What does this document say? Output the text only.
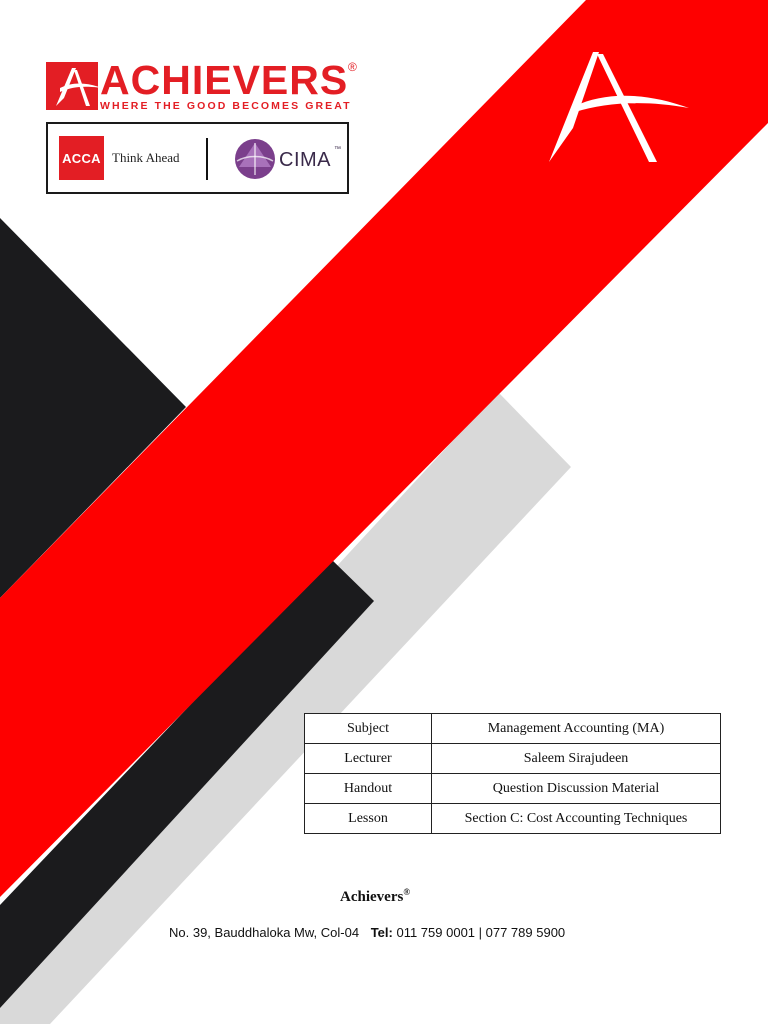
ACHIEVERS ®
WHERE THE GOOD BECOMES GREAT
ACCA Think Ahead	CIMA ™
Subject	Management Accounting (MA)
Lecturer	Saleem Sirajudeen
Handout	Question Discussion Material
Lesson	Section C: Cost Accounting Techniques
Achievers®
No. 39, Bauddhaloka Mw, Col-04 Tel: 011 759 0001 | 077 789 5900
